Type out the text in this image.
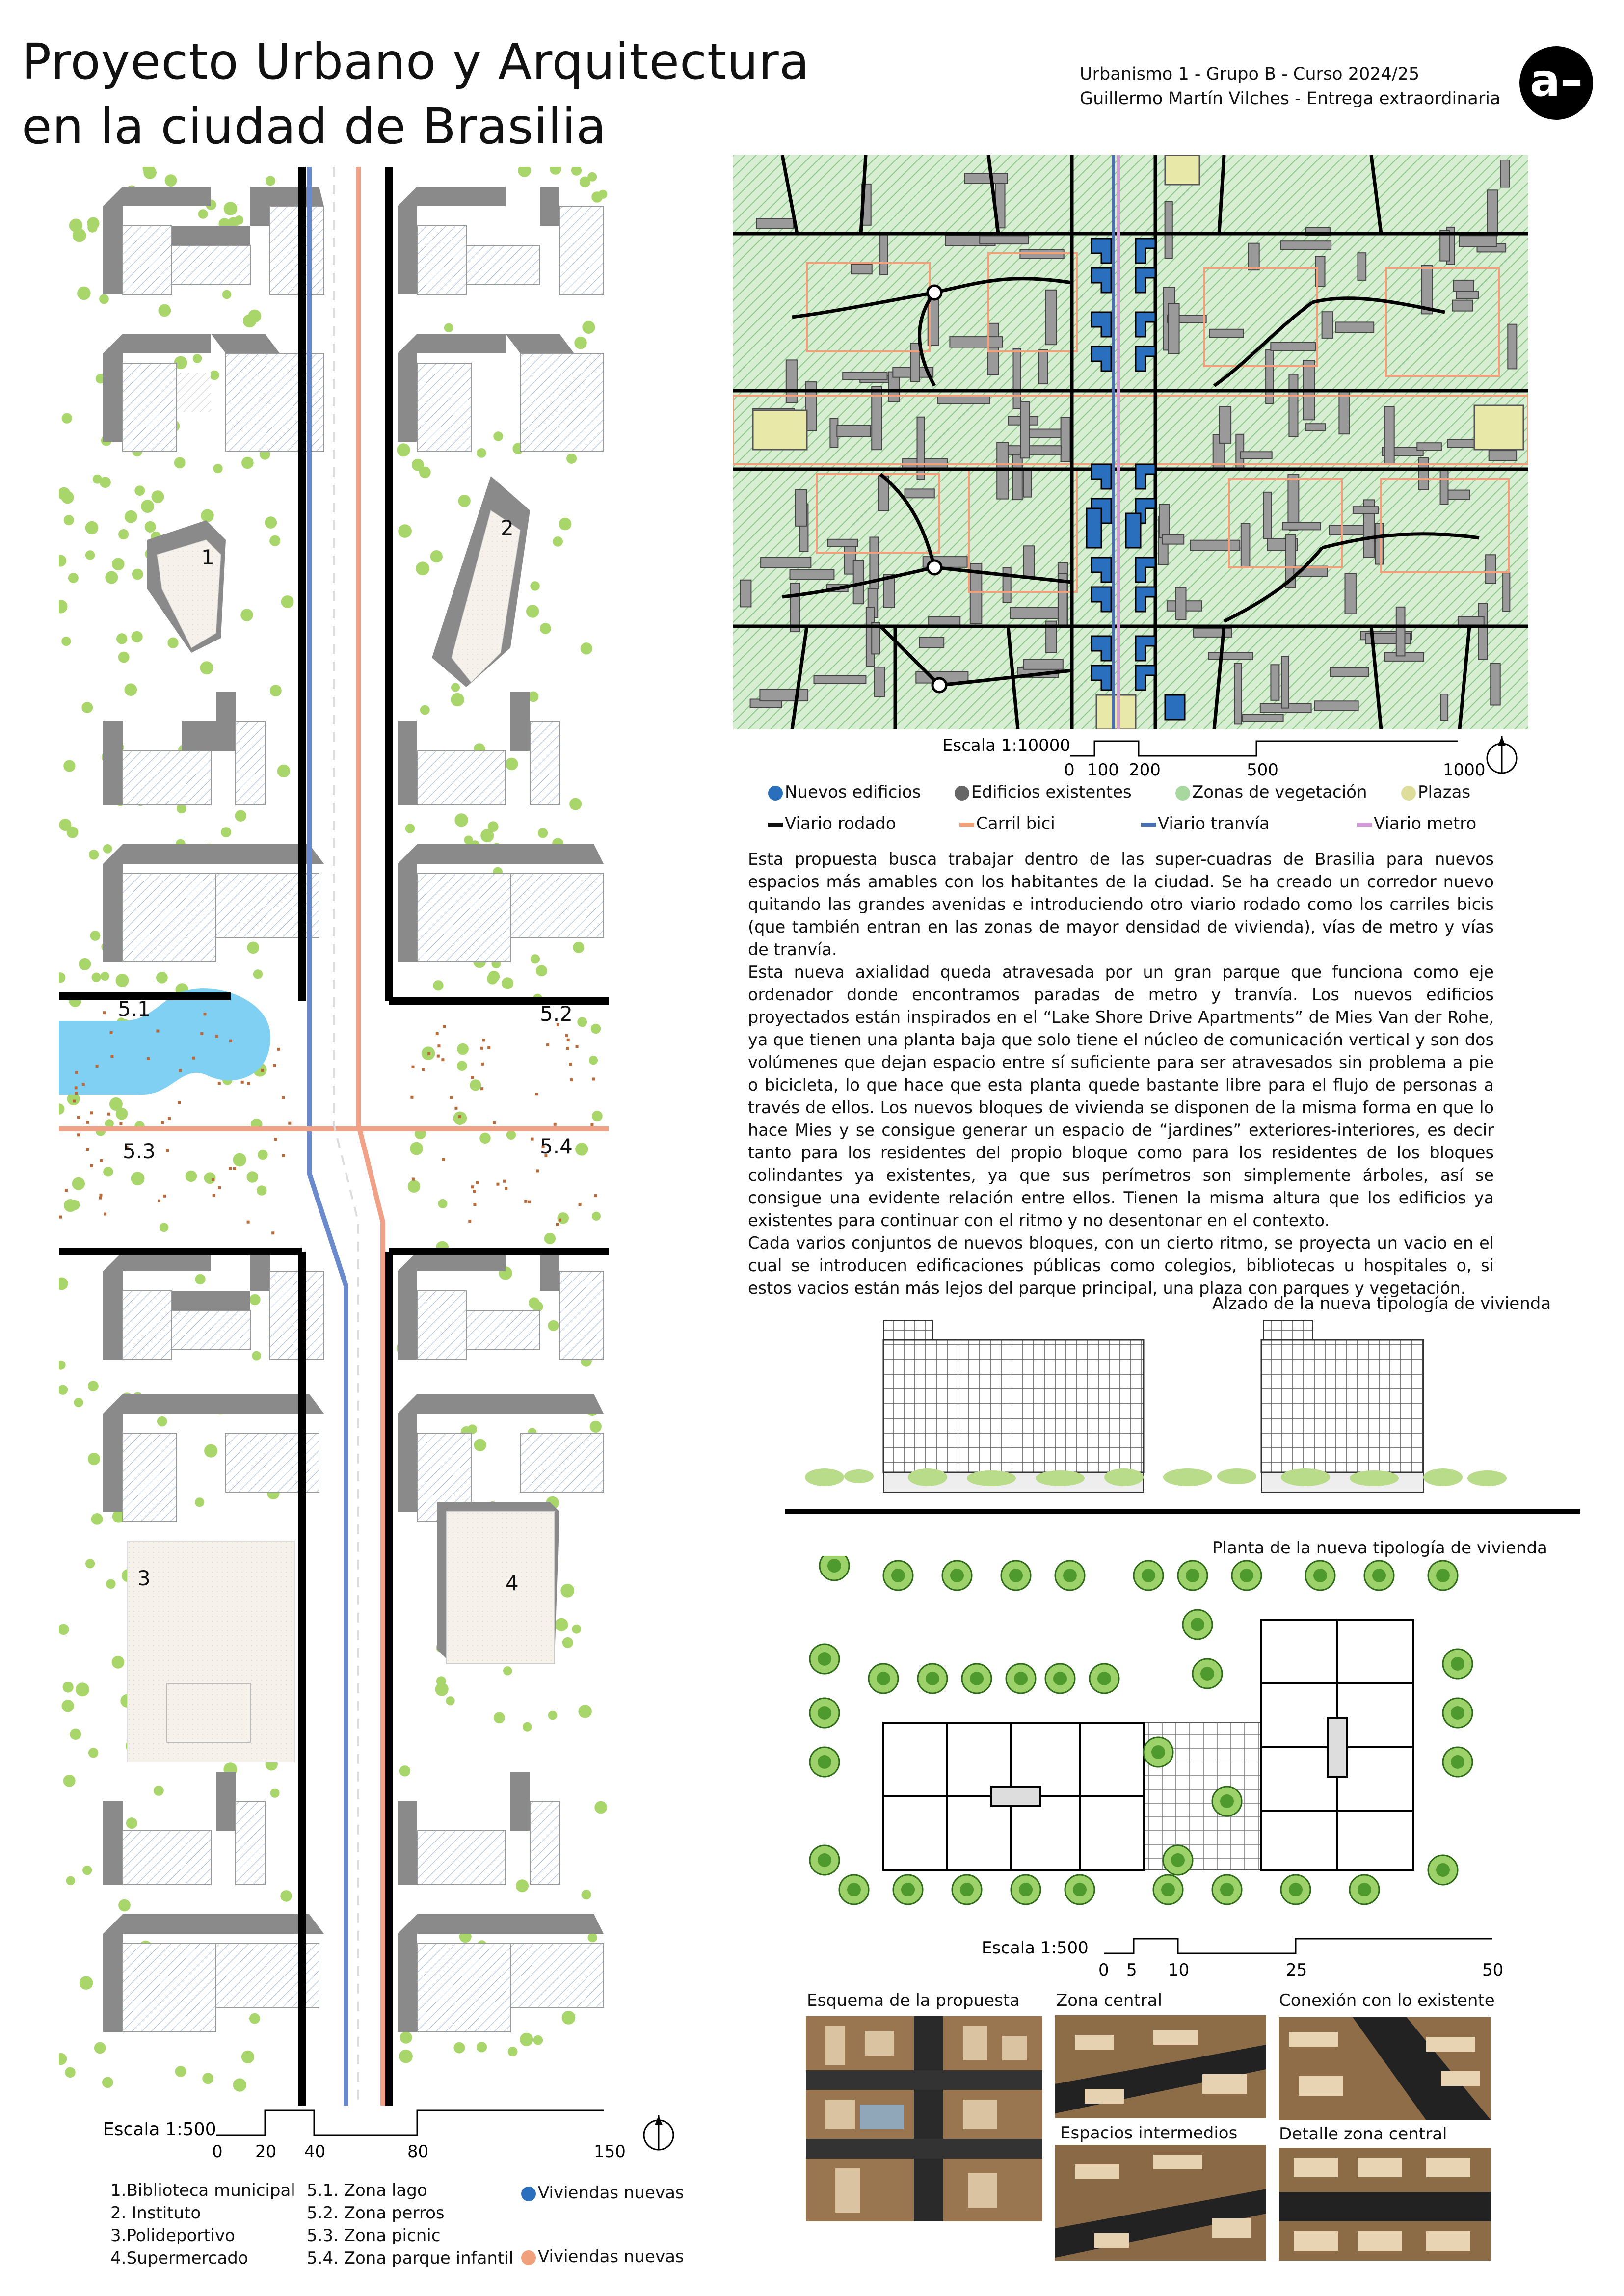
Proyecto Urbano y Arquitectura
en la ciudad de Brasilia
Urbanismo 1 - Grupo B - Curso 2024/25
Guillermo Martín Vilches - Entrega extraordinaria a–
1
2
3	4
5.1	5.2
5.3	5.4
Escala 1:500
0 20 40	80	150
1.Biblioteca municipal
2. Instituto
3.Polideportivo
4.Supermercado
5.1. Zona lago
5.2. Zona perros
5.3. Zona picnic
5.4. Zona parque infantil
Viviendas nuevas
Viviendas nuevas
Escala 1:10000
0 100 200	500	1000
Nuevos edificios	Edificios existentes	Zonas de vegetación	Plazas
Viario rodado	Carril bici	Viario tranvía	Viario metro

Esta propuesta busca trabajar dentro de las super-cuadras de Brasilia para nuevos espacios más amables con los habitantes de la ciudad. Se ha creado un corredor nuevo quitando las grandes avenidas e introduciendo otro viario rodado como los carriles bicis (que también entran en las zonas de mayor densidad de vivienda), vías de metro y vías de tranvía.

Esta nueva axialidad queda atravesada por un gran parque que funciona como eje ordenador donde encontramos paradas de metro y tranvía. Los nuevos edificios proyectados están inspirados en el “Lake Shore Drive Apartments” de Mies Van der Rohe, ya que tienen una planta baja que solo tiene el núcleo de comunicación vertical y son dos volúmenes que dejan espacio entre sí suficiente para ser atravesados sin problema a pie o bicicleta, lo que hace que esta planta quede bastante libre para el flujo de personas a través de ellos. Los nuevos bloques de vivienda se disponen de la misma forma en que lo hace Mies y se consigue generar un espacio de “jardines” exteriores-interiores, es decir tanto para los residentes del propio bloque como para los residentes de los bloques colindantes ya existentes, ya que sus perímetros son simplemente árboles, así se consigue una evidente relación entre ellos. Tienen la misma altura que los edificios ya existentes para continuar con el ritmo y no desentonar en el contexto.

Cada varios conjuntos de nuevos bloques, con un cierto ritmo, se proyecta un vacio en el cual se introducen edificaciones públicas como colegios, bibliotecas u hospitales o, si estos vacios están más lejos del parque principal, una plaza con parques y vegetación.

Alzado de la nueva tipología de vivienda
Planta de la nueva tipología de vivienda
Escala 1:500
0 5 10	25	50
Esquema de la propuesta Zona central	Conexión con lo existente
Espacios intermedios Detalle zona central
